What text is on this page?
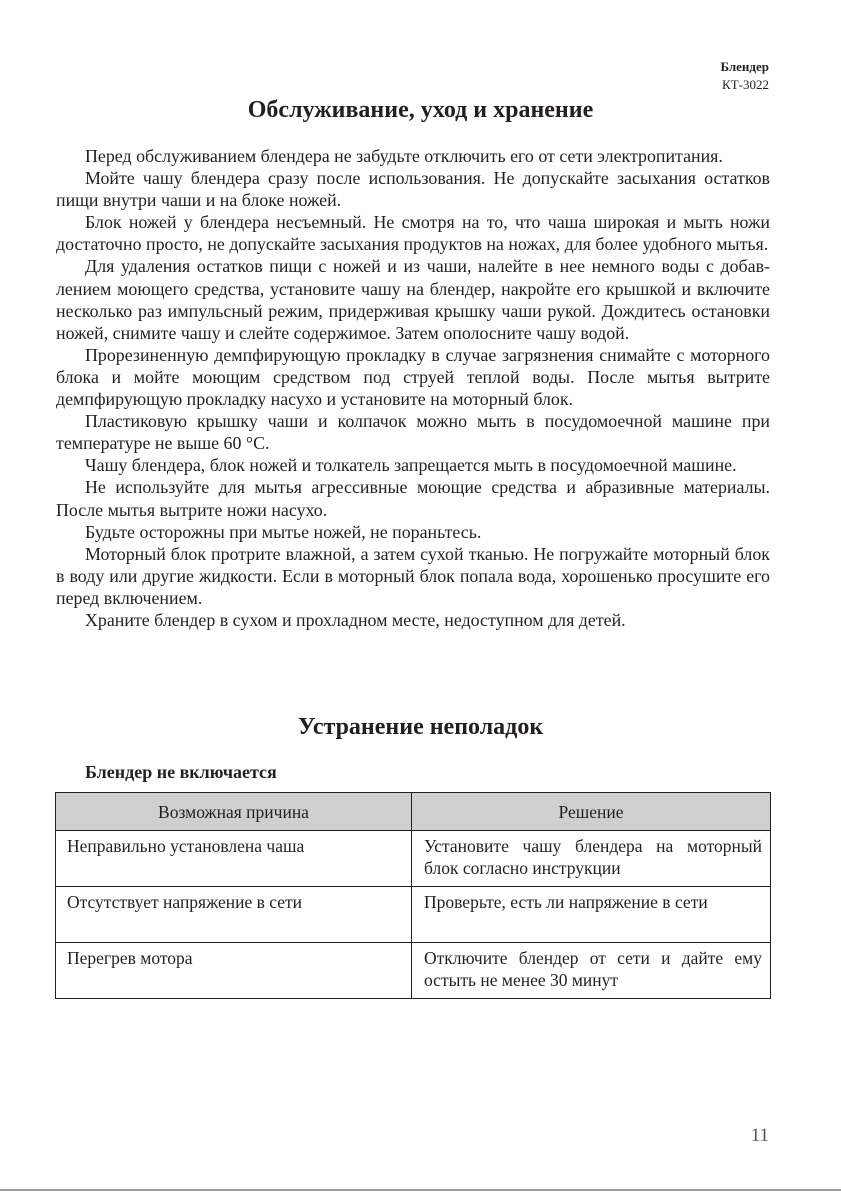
Блендер
КТ-3022
Обслуживание, уход и хранение

Перед обслуживанием блендера не забудьте отключить его от сети электропитания.

Мойте чашу блендера сразу после использования. Не допускайте засыхания остатков пищи внутри чаши и на блоке ножей.

Блок ножей у блендера несъемный. Не смотря на то, что чаша широкая и мыть ножи достаточно просто, не допускайте засыхания продуктов на ножах, для более удобного мытья.

Для удаления остатков пищи с ножей и из чаши, налейте в нее немного воды с добавлением моющего средства, установите чашу на блендер, накройте его крышкой и включите несколько раз импульсный режим, придерживая крышку чаши рукой. Дождитесь остановки ножей, снимите чашу и слейте содержимое. Затем ополосните чашу водой.

Прорезиненную демпфирующую прокладку в случае загрязнения снимайте с моторного блока и мойте моющим средством под струей теплой воды. После мытья вытрите демпфирующую прокладку насухо и установите на моторный блок.

Пластиковую крышку чаши и колпачок можно мыть в посудомоечной машине при температуре не выше 60 °C.

Чашу блендера, блок ножей и толкатель запрещается мыть в посудомоечной машине.

Не используйте для мытья агрессивные моющие средства и абразивные материалы. После мытья вытрите ножи насухо.

Будьте осторожны при мытье ножей, не пораньтесь.

Моторный блок протрите влажной, а затем сухой тканью. Не погружайте моторный блок в воду или другие жидкости. Если в моторный блок попала вода, хорошенько просушите его перед включением.

Храните блендер в сухом и прохладном месте, недоступном для детей.

Устранение неполадок
Блендер не включается
Возможная причина	Решение
Неправильно установлена чаша	Установите чашу блендера на моторный блок согласно инструкции
Отсутствует напряжение в сети	Проверьте, есть ли напряжение в сети
Перегрев мотора	Отключите блендер от сети и дайте ему остыть не менее 30 минут
11
